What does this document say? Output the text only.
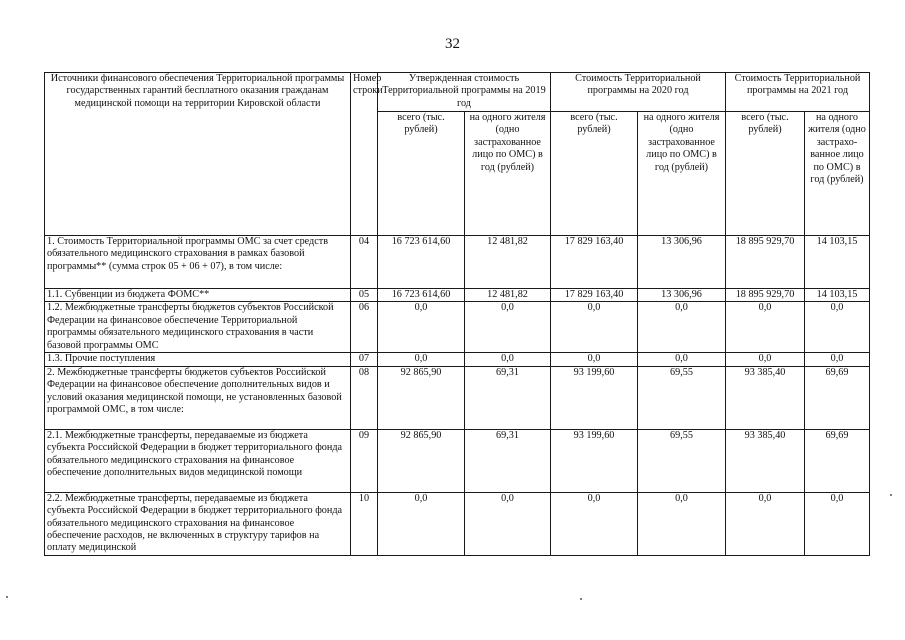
32
Источники финансового обеспечения Территориальной программы государственных гарантий бесплатного оказания гражданам медицинской помощи на территории Кировской области	Номер строки	Утвержденная стоимость Территориальной программы на 2019 год		Стоимость Территориальной программы на 2020 год		Стоимость Территориальной программы на 2021 год	
		всего (тыс. рублей)	на одного жителя (одно застрахованное лицо по ОМС) в год (рублей)	всего (тыс. рублей)	на одного жителя (одно застрахованное лицо по ОМС) в год (рублей)	всего (тыс. рублей)	на одного жителя (одно застрахо-ванное лицо по ОМС) в год (рублей)
1. Стоимость Территориальной программы ОМС за счет средств обязательного медицинского страхования в рамках базовой программы** (сумма строк 05 + 06 + 07), в том числе:	04	16 723 614,60	12 481,82	17 829 163,40	13 306,96	18 895 929,70	14 103,15
1.1. Субвенции из бюджета ФОМС**	05	16 723 614,60	12 481,82	17 829 163,40	13 306,96	18 895 929,70	14 103,15
1.2. Межбюджетные трансферты бюджетов субъектов Российской Федерации на финансовое обеспечение Территориальной программы обязательного медицинского страхования в части базовой программы ОМС	06	0,0	0,0	0,0	0,0	0,0	0,0
1.3. Прочие поступления	07	0,0	0,0	0,0	0,0	0,0	0,0
2. Межбюджетные трансферты бюджетов субъектов Российской Федерации на финансовое обеспечение дополнительных видов и условий оказания медицинской помощи, не установленных базовой программой ОМС, в том числе:	08	92 865,90	69,31	93 199,60	69,55	93 385,40	69,69
2.1. Межбюджетные трансферты, передаваемые из бюджета субъекта Российской Федерации в бюджет территориального фонда обязательного медицинского страхования на финансовое обеспечение дополнительных видов медицинской помощи	09	92 865,90	69,31	93 199,60	69,55	93 385,40	69,69
2.2. Межбюджетные трансферты, передаваемые из бюджета субъекта Российской Федерации в бюджет территориального фонда обязательного медицинского страхования на финансовое обеспечение расходов, не включенных в структуру тарифов на оплату медицинской	10	0,0	0,0	0,0	0,0	0,0	0,0
